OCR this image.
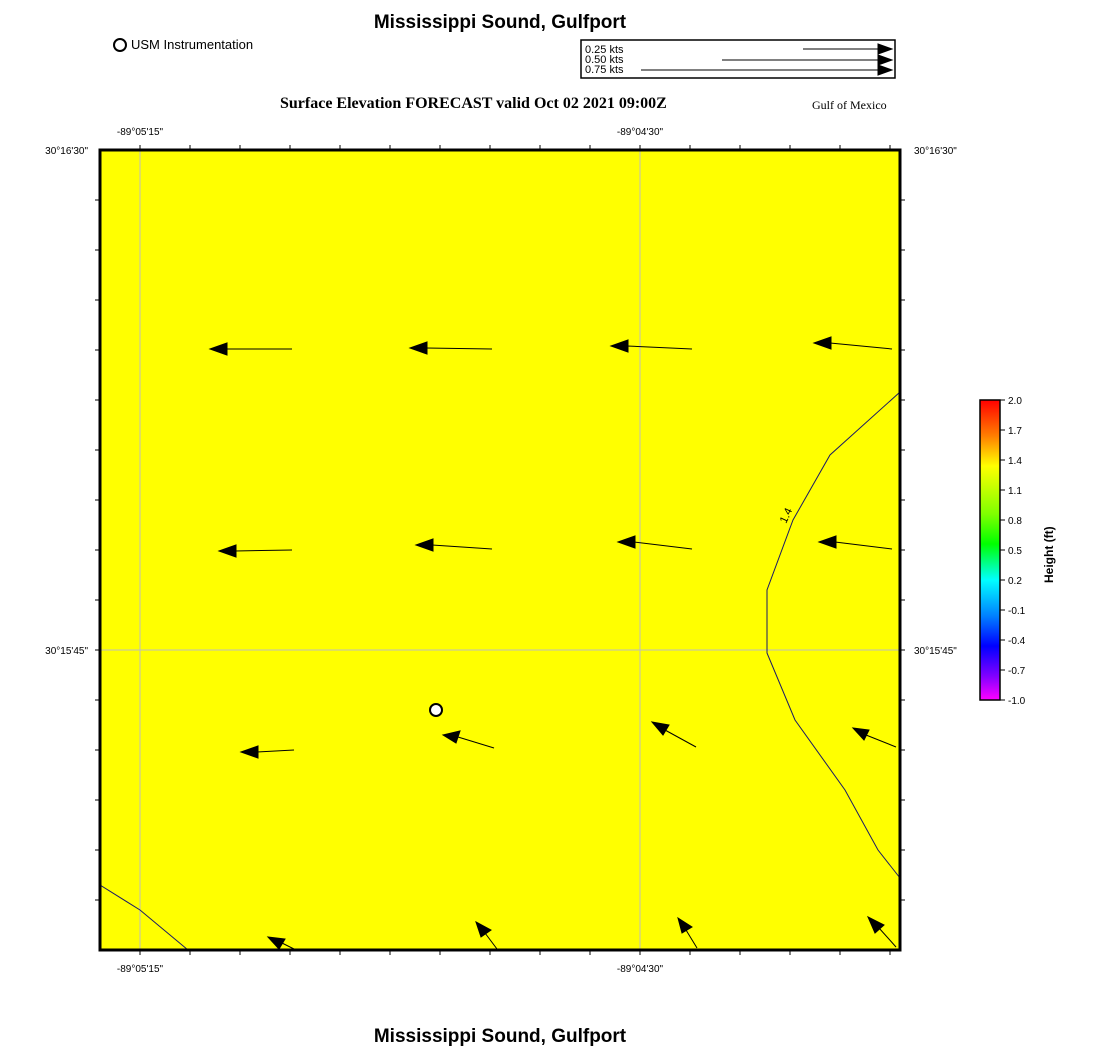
Mississippi Sound, Gulfport
USM Instrumentation	0.25 kts
0.50 kts
0.75 kts
Surface Elevation FORECAST valid Oct 02 2021 09:00Z	Gulf of Mexico
1.4
-89°05'15"	-89°04'30"
-89°05'15"	-89°04'30"
30°16'30"
30°15'45"
30°16'30"
30°15'45"
2.0
1.7
1.4
1.1
0.8
0.5
0.2
-0.1
-0.4
-0.7
-1.0
Height (ft)
Mississippi Sound, Gulfport
